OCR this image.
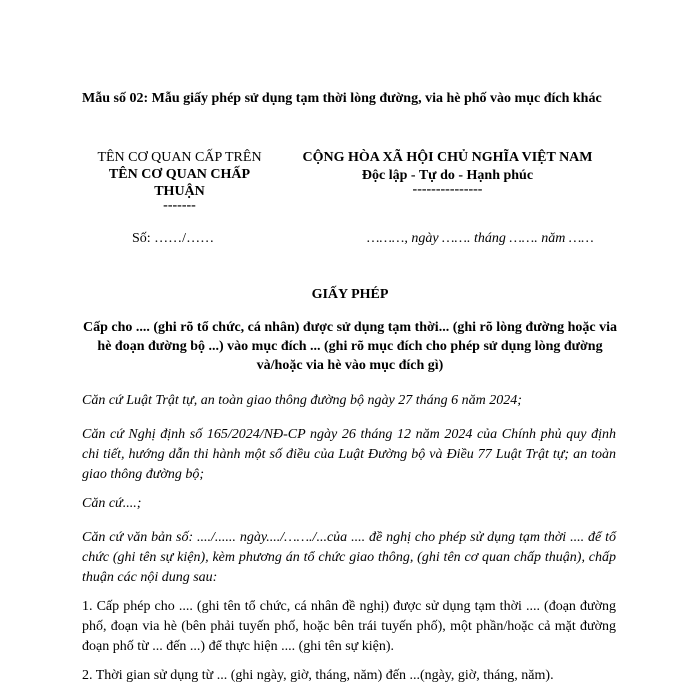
Mẫu số 02: Mẫu giấy phép sử dụng tạm thời lòng đường, via hè phố vào mục đích khác
TÊN CƠ QUAN CẤP TRÊN
TÊN CƠ QUAN CHẤP
THUẬN
-------
CỘNG HÒA XÃ HỘI CHỦ NGHĨA VIỆT NAM
Độc lập - Tự do - Hạnh phúc
---------------
Số: ……/……	………, ngày ……. tháng ……. năm ……
GIẤY PHÉP
Cấp cho .... (ghi rõ tổ chức, cá nhân) được sử dụng tạm thời... (ghi rõ lòng đường hoặc via hè đoạn đường bộ ...) vào mục đích ... (ghi rõ mục đích cho phép sử dụng lòng đường và/hoặc via hè vào mục đích gì)
Căn cứ Luật Trật tự, an toàn giao thông đường bộ ngày 27 tháng 6 năm 2024;
Căn cứ Nghị định số 165/2024/NĐ-CP ngày 26 tháng 12 năm 2024 của Chính phủ quy định chi tiết, hướng dẫn thi hành một số điều của Luật Đường bộ và Điều 77 Luật Trật tự; an toàn giao thông đường bộ;
Căn cứ....;
Căn cứ văn bản số: ..../...... ngày..../……./...của .... đề nghị cho phép sử dụng tạm thời .... để tổ chức (ghi tên sự kiện), kèm phương án tổ chức giao thông, (ghi tên cơ quan chấp thuận), chấp thuận các nội dung sau:
1. Cấp phép cho .... (ghi tên tổ chức, cá nhân đề nghị) được sử dụng tạm thời .... (đoạn đường phố, đoạn via hè (bên phải tuyến phố, hoặc bên trái tuyến phố), một phần/hoặc cả mặt đường đoạn phố từ ... đến ...) để thực hiện .... (ghi tên sự kiện).
2. Thời gian sử dụng từ ... (ghi ngày, giờ, tháng, năm) đến ...(ngày, giờ, tháng, năm).
